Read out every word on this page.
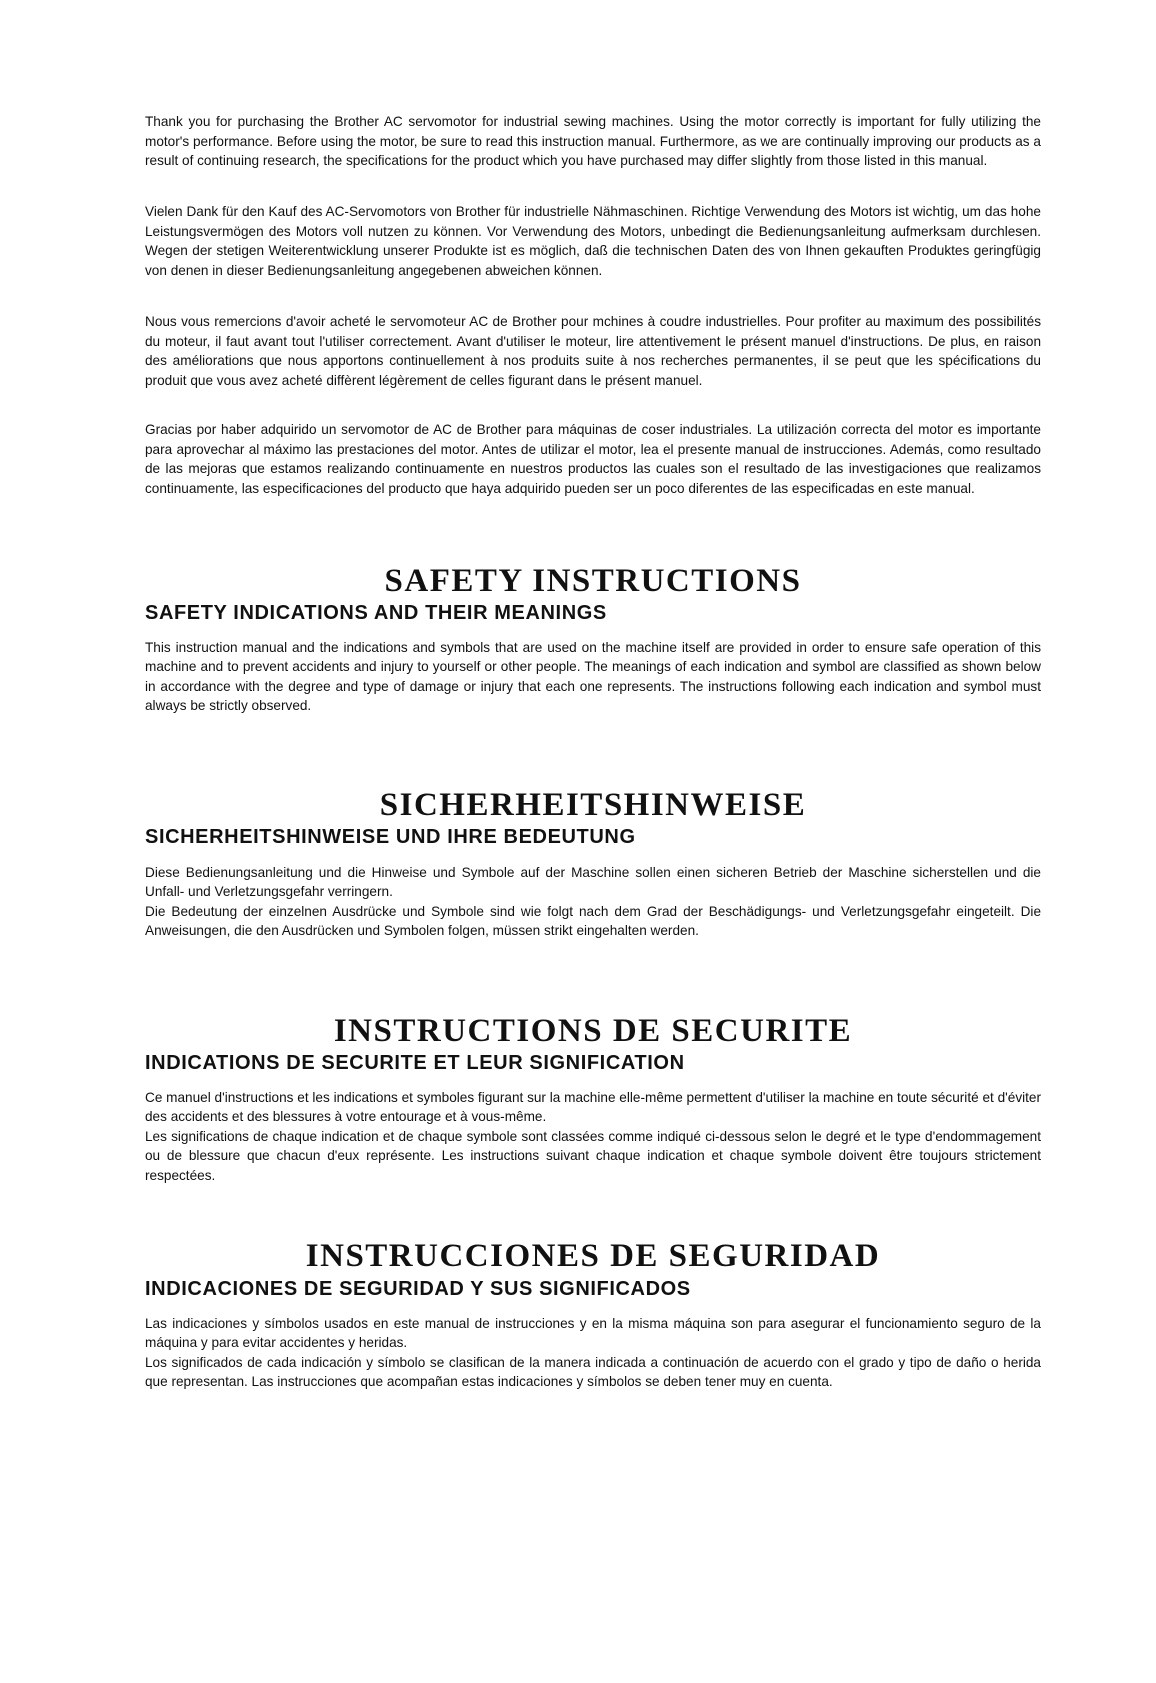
Thank you for purchasing the Brother AC servomotor for industrial sewing machines. Using the motor correctly is important for fully utilizing the motor's performance. Before using the motor, be sure to read this instruction manual. Furthermore, as we are continually improving our products as a result of continuing research, the specifications for the product which you have purchased may differ slightly from those listed in this manual.

Vielen Dank für den Kauf des AC-Servomotors von Brother für industrielle Nähmaschinen. Richtige Verwendung des Motors ist wichtig, um das hohe Leistungsvermögen des Motors voll nutzen zu können. Vor Verwendung des Motors, unbedingt die Bedienungsanleitung aufmerksam durchlesen. Wegen der stetigen Weiterentwicklung unserer Produkte ist es möglich, daß die technischen Daten des von Ihnen gekauften Produktes geringfügig von denen in dieser Bedienungsanleitung angegebenen abweichen können.

Nous vous remercions d'avoir acheté le servomoteur AC de Brother pour mchines à coudre industrielles. Pour profiter au maximum des possibilités du moteur, il faut avant tout l'utiliser correctement. Avant d'utiliser le moteur, lire attentivement le présent manuel d'instructions. De plus, en raison des améliorations que nous apportons continuellement à nos produits suite à nos recherches permanentes, il se peut que les spécifications du produit que vous avez acheté diffèrent légèrement de celles figurant dans le présent manuel.

Gracias por haber adquirido un servomotor de AC de Brother para máquinas de coser industriales. La utilización correcta del motor es importante para aprovechar al máximo las prestaciones del motor. Antes de utilizar el motor, lea el presente manual de instrucciones. Además, como resultado de las mejoras que estamos realizando continuamente en nuestros productos las cuales son el resultado de las investigaciones que realizamos continuamente, las especificaciones del producto que haya adquirido pueden ser un poco diferentes de las especificadas en este manual.

SAFETY INSTRUCTIONS
SAFETY INDICATIONS AND THEIR MEANINGS

This instruction manual and the indications and symbols that are used on the machine itself are provided in order to ensure safe operation of this machine and to prevent accidents and injury to yourself or other people. The meanings of each indication and symbol are classified as shown below in accordance with the degree and type of damage or injury that each one represents. The instructions following each indication and symbol must always be strictly observed.

SICHERHEITSHINWEISE
SICHERHEITSHINWEISE UND IHRE BEDEUTUNG

Diese Bedienungsanleitung und die Hinweise und Symbole auf der Maschine sollen einen sicheren Betrieb der Maschine sicherstellen und die Unfall- und Verletzungsgefahr verringern.

Die Bedeutung der einzelnen Ausdrücke und Symbole sind wie folgt nach dem Grad der Beschädigungs- und Verletzungsgefahr eingeteilt. Die Anweisungen, die den Ausdrücken und Symbolen folgen, müssen strikt eingehalten werden.

INSTRUCTIONS DE SECURITE
INDICATIONS DE SECURITE ET LEUR SIGNIFICATION

Ce manuel d'instructions et les indications et symboles figurant sur la machine elle-même permettent d'utiliser la machine en toute sécurité et d'éviter des accidents et des blessures à votre entourage et à vous-même.

Les significations de chaque indication et de chaque symbole sont classées comme indiqué ci-dessous selon le degré et le type d'endommagement ou de blessure que chacun d'eux représente. Les instructions suivant chaque indication et chaque symbole doivent être toujours strictement respectées.

INSTRUCCIONES DE SEGURIDAD
INDICACIONES DE SEGURIDAD Y SUS SIGNIFICADOS

Las indicaciones y símbolos usados en este manual de instrucciones y en la misma máquina son para asegurar el funcionamiento seguro de la máquina y para evitar accidentes y heridas.

Los significados de cada indicación y símbolo se clasifican de la manera indicada a continuación de acuerdo con el grado y tipo de daño o herida que representan. Las instrucciones que acompañan estas indicaciones y símbolos se deben tener muy en cuenta.
